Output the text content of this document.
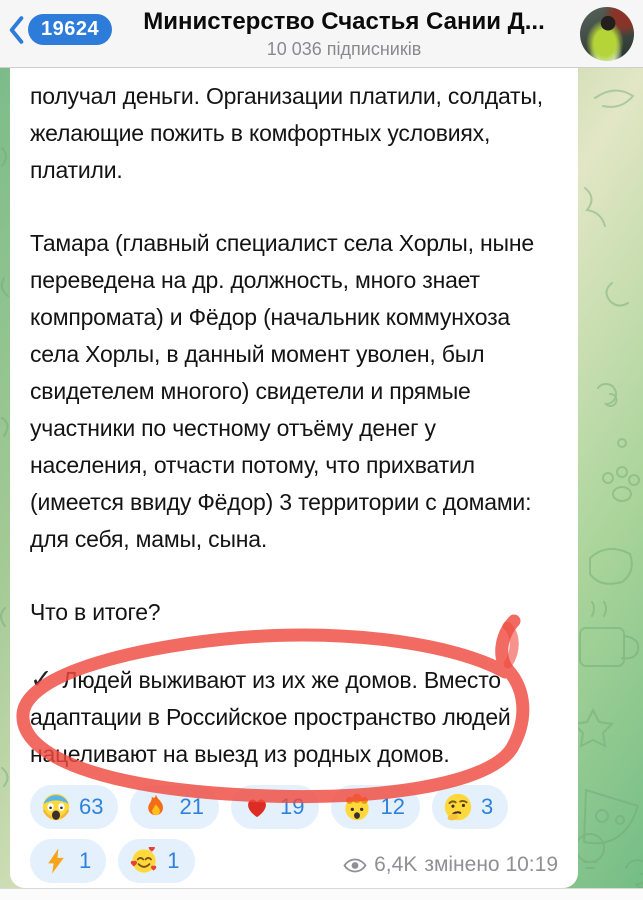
получал деньги. Организации платили, солдаты, желающие пожить в комфортных условиях, платили.

Тамара (главный специалист села Хорлы, ныне переведена на др. должность, много знает компромата) и Фёдор (начальник коммунхоза села Хорлы, в данный момент уволен, был свидетелем многого) свидетели и прямые участники по честному отъёму денег у населения, отчасти потому, что прихватил (имеется ввиду Фёдор) 3 территории с домами: для себя, мамы, сына.

Что в итоге?

✓ Людей выживают из их же домов. Вместо адаптации в Российское пространство людей нацеливают на выезд из родных домов.

63	21	19	12	3
1	1	6,4K змінено 10:19
19624	Министерство Счастья Сании Д...
10 036 підписників
